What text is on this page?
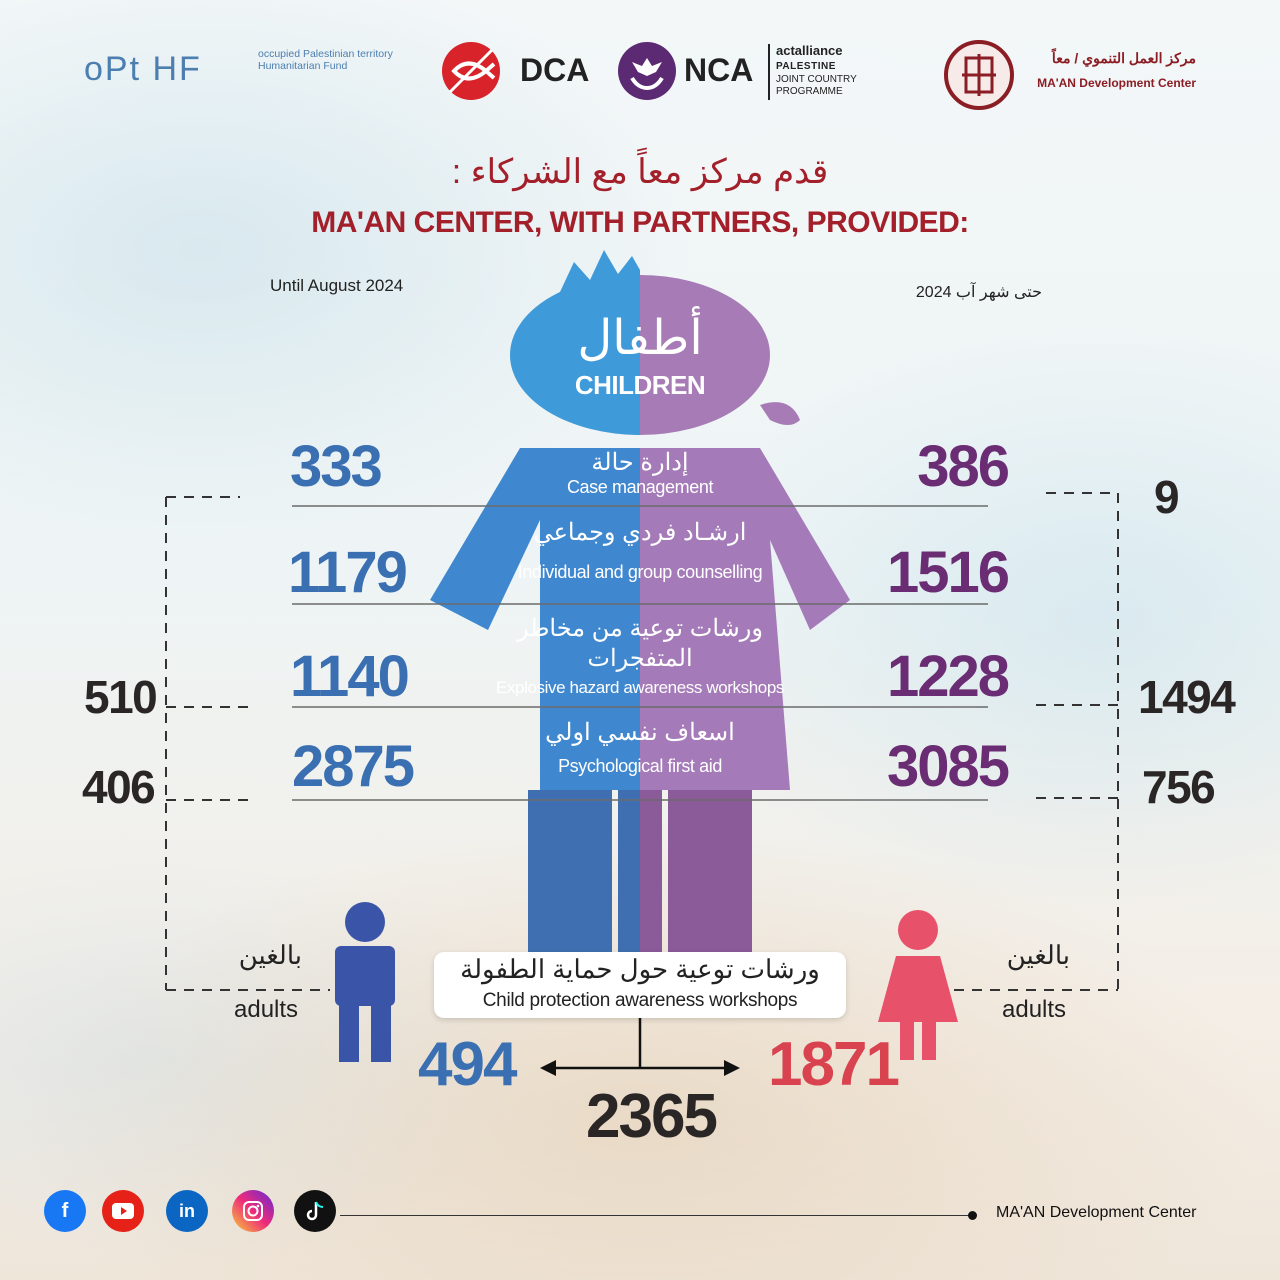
oPt HF	occupied Palestinian territory Humanitarian Fund	DCA	NCA
actalliance
PALESTINE
JOINT COUNTRY PROGRAMME
مركز العمل التنموي / معاً
MA'AN Development Center
قدم مركز معاً مع الشركاء :
MA'AN CENTER, WITH PARTNERS, PROVIDED:
Until August 2024	حتى شهر آب 2024
أطفال
CHILDREN
إدارة حالة
Case management
333	386
ارشـاد فردي وجماعي
Individual and group counselling
1179	1516
ورشات توعية من مخاطر المتفجرات
Explosive hazard awareness workshops
1140	1228
اسعاف نفسي اولي
Psychological first aid
2875	3085
510
406
9
1494
756
بالغين
adults
بالغين
adults
ورشات توعية حول حماية الطفولة
Child protection awareness workshops
494	1871
2365
f	in	MA'AN Development Center
